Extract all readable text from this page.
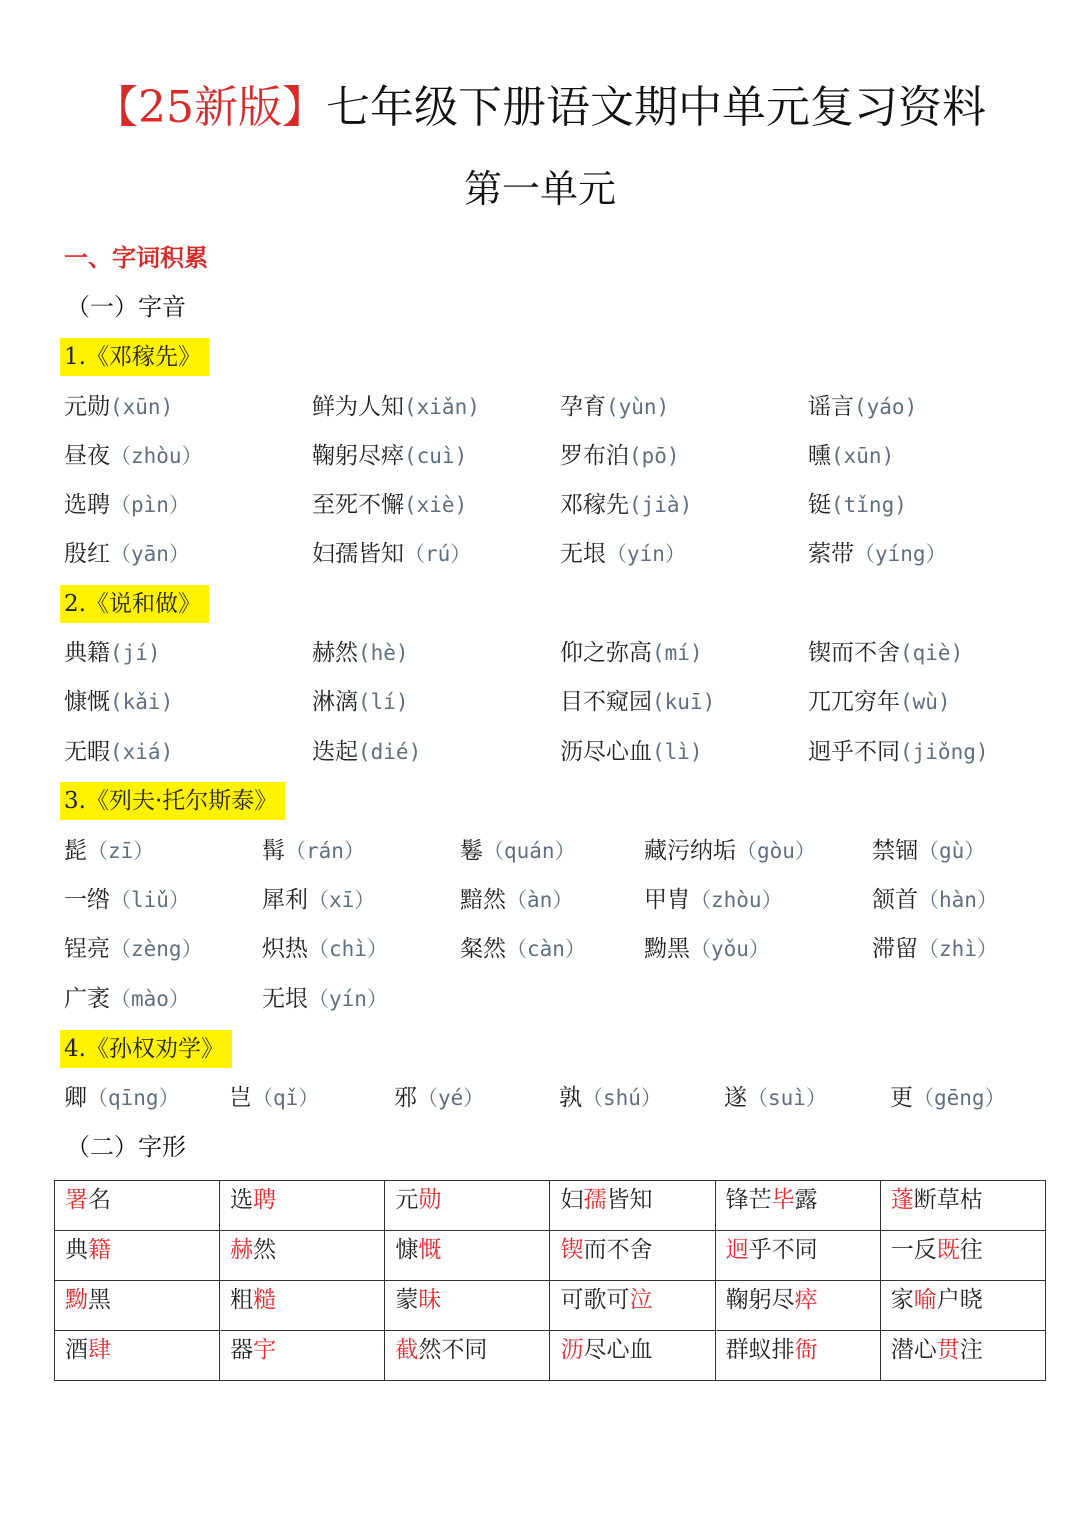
【25新版】七年级下册语文期中单元复习资料
第一单元
一、字词积累
（一）字音
1.《邓稼先》
元勋(xūn)	鲜为人知(xiǎn)	孕育(yùn)	谣言(yáo)
昼夜（zhòu）	鞠躬尽瘁(cuì)	罗布泊(pō)	曛(xūn)
选聘（pìn）	至死不懈(xiè)	邓稼先(jià)	铤(tǐng)
殷红（yān）	妇孺皆知（rú）	无垠（yín）	萦带（yíng）
2.《说和做》
典籍(jí)	赫然(hè)	仰之弥高(mí)	锲而不舍(qiè)
慷慨(kǎi)	淋漓(lí)	目不窥园(kuī)	兀兀穷年(wù)
无暇(xiá)	迭起(dié)	沥尽心血(lì)	迥乎不同(jiǒng)
3.《列夫·托尔斯泰》
髭（zī）	髯（rán）	鬈（quán）	藏污纳垢（gòu） 禁锢（gù）
一绺（liǔ）	犀利（xī）	黯然（àn）	甲胄（zhòu）	颔首（hàn）
锃亮（zèng）	炽热（chì）	粲然（càn）	黝黑（yǒu）	滞留（zhì）
广袤（mào）	无垠（yín）
4.《孙权劝学》
卿（qīng） 岂（qǐ）	邪（yé）	孰（shú）	遂（suì）	更（gēng）
（二）字形
署名	选聘	元勋	妇孺皆知	锋芒毕露	蓬断草枯
典籍	赫然	慷慨	锲而不舍	迥乎不同	一反既往
黝黑	粗糙	蒙昧	可歌可泣	鞠躬尽瘁	家喻户晓
酒肆	器宇	截然不同	沥尽心血	群蚁排衙	潜心贯注
